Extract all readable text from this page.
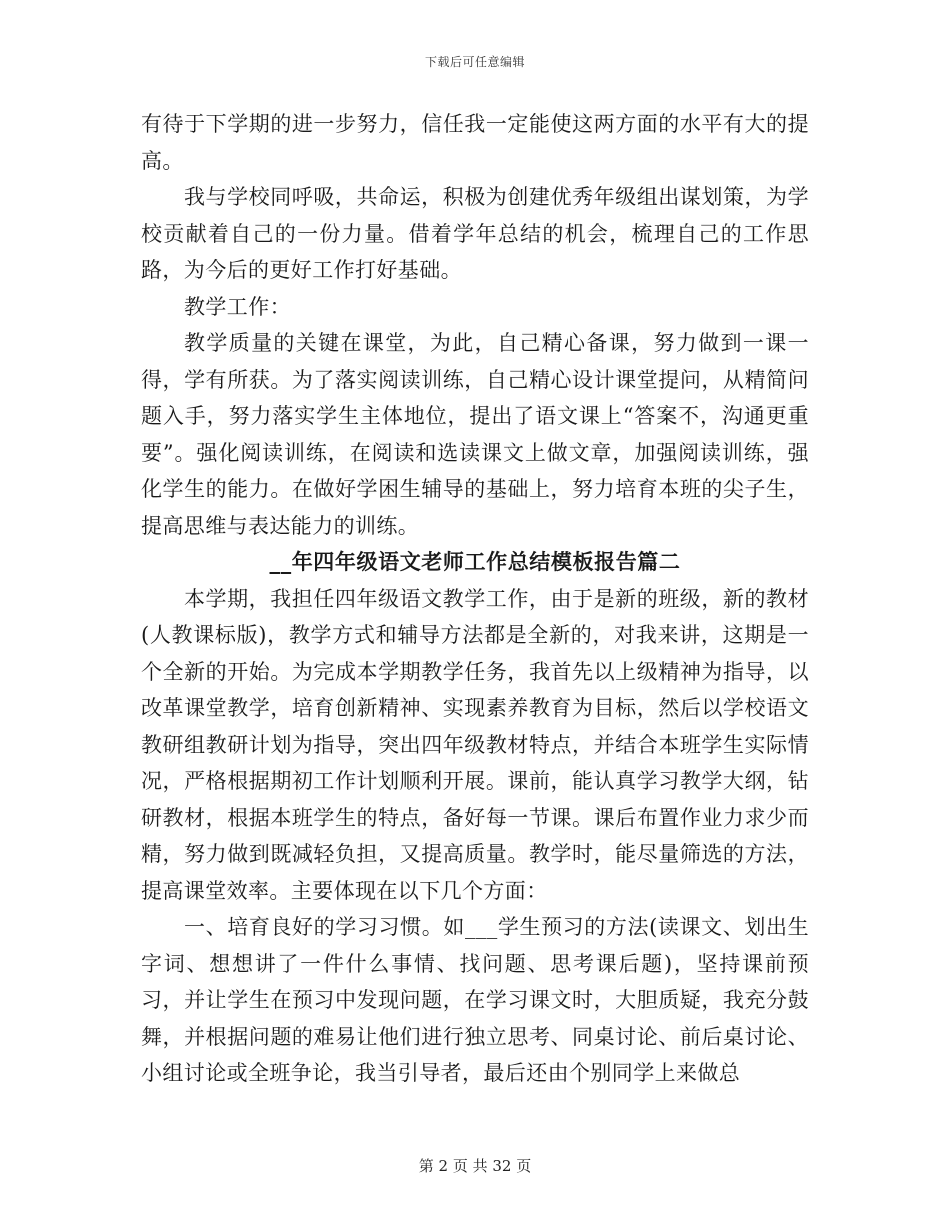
下载后可任意编辑

有待于下学期的进一步努力，信任我一定能使这两方面的水平有大的提高。

我与学校同呼吸，共命运，积极为创建优秀年级组出谋划策，为学校贡献着自己的一份力量。借着学年总结的机会，梳理自己的工作思路，为今后的更好工作打好基础。

教学工作：

教学质量的关键在课堂，为此，自己精心备课，努力做到一课一得，学有所获。为了落实阅读训练，自己精心设计课堂提问，从精简问题入手，努力落实学生主体地位，提出了语文课上“答案不，沟通更重要”。强化阅读训练，在阅读和选读课文上做文章，加强阅读训练，强化学生的能力。在做好学困生辅导的基础上，努力培育本班的尖子生，提高思维与表达能力的训练。

__年四年级语文老师工作总结模板报告篇二

本学期，我担任四年级语文教学工作，由于是新的班级，新的教材(人教课标版)，教学方式和辅导方法都是全新的，对我来讲，这期是一个全新的开始。为完成本学期教学任务，我首先以上级精神为指导，以改革课堂教学，培育创新精神、实现素养教育为目标，然后以学校语文教研组教研计划为指导，突出四年级教材特点，并结合本班学生实际情况，严格根据期初工作计划顺利开展。课前，能认真学习教学大纲，钻研教材，根据本班学生的特点，备好每一节课。课后布置作业力求少而精，努力做到既减轻负担，又提高质量。教学时，能尽量筛选的方法，提高课堂效率。主要体现在以下几个方面：

一、培育良好的学习习惯。如___学生预习的方法(读课文、划出生字词、想想讲了一件什么事情、找问题、思考课后题)，坚持课前预习，并让学生在预习中发现问题，在学习课文时，大胆质疑，我充分鼓舞，并根据问题的难易让他们进行独立思考、同桌讨论、前后桌讨论、小组讨论或全班争论，我当引导者，最后还由个别同学上来做总

第 2 页 共 32 页
